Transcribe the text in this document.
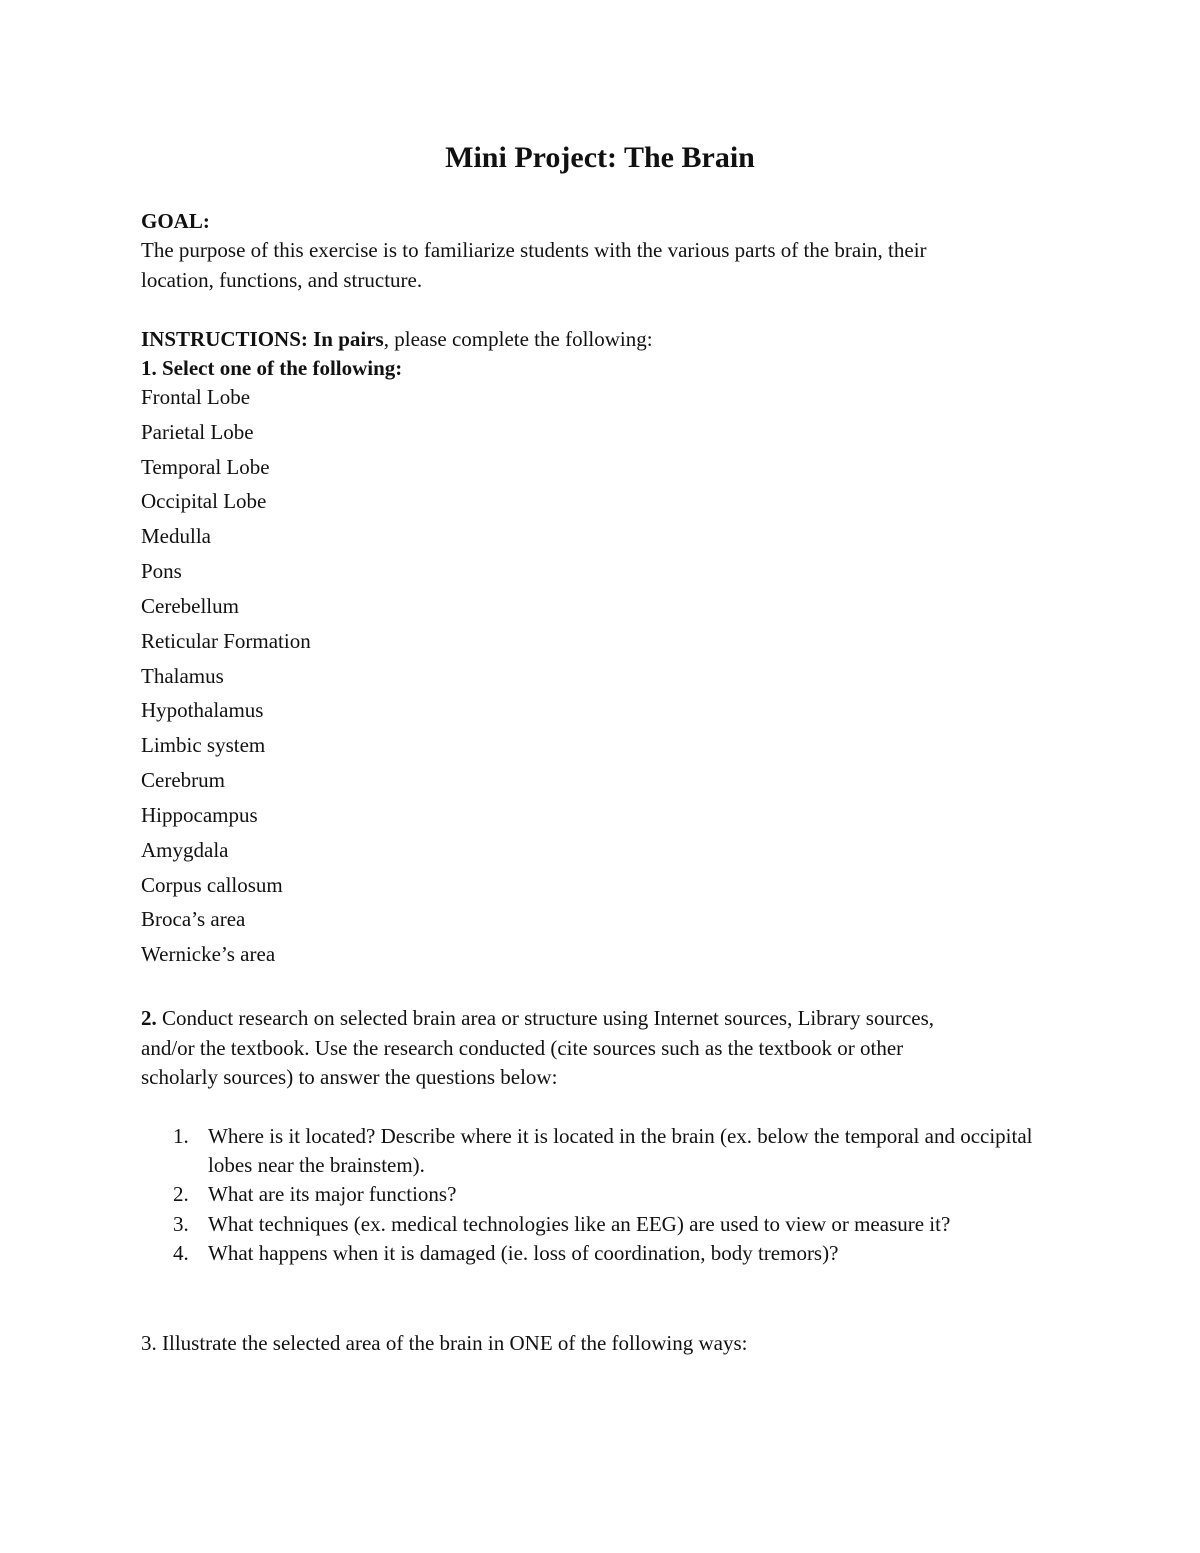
Mini Project: The Brain
GOAL:
The purpose of this exercise is to familiarize students with the various parts of the brain, their
location, functions, and structure.
INSTRUCTIONS: In pairs, please complete the following:
1. Select one of the following:
Frontal Lobe
Parietal Lobe
Temporal Lobe
Occipital Lobe
Medulla
Pons
Cerebellum
Reticular Formation
Thalamus
Hypothalamus
Limbic system
Cerebrum
Hippocampus
Amygdala
Corpus callosum
Broca’s area
Wernicke’s area
2. Conduct research on selected brain area or structure using Internet sources, Library sources,
and/or the textbook. Use the research conducted (cite sources such as the textbook or other
scholarly sources) to answer the questions below:
1. Where is it located? Describe where it is located in the brain (ex. below the temporal and occipital lobes near the brainstem).
2. What are its major functions?
3. What techniques (ex. medical technologies like an EEG) are used to view or measure it?
4. What happens when it is damaged (ie. loss of coordination, body tremors)?
3. Illustrate the selected area of the brain in ONE of the following ways:
